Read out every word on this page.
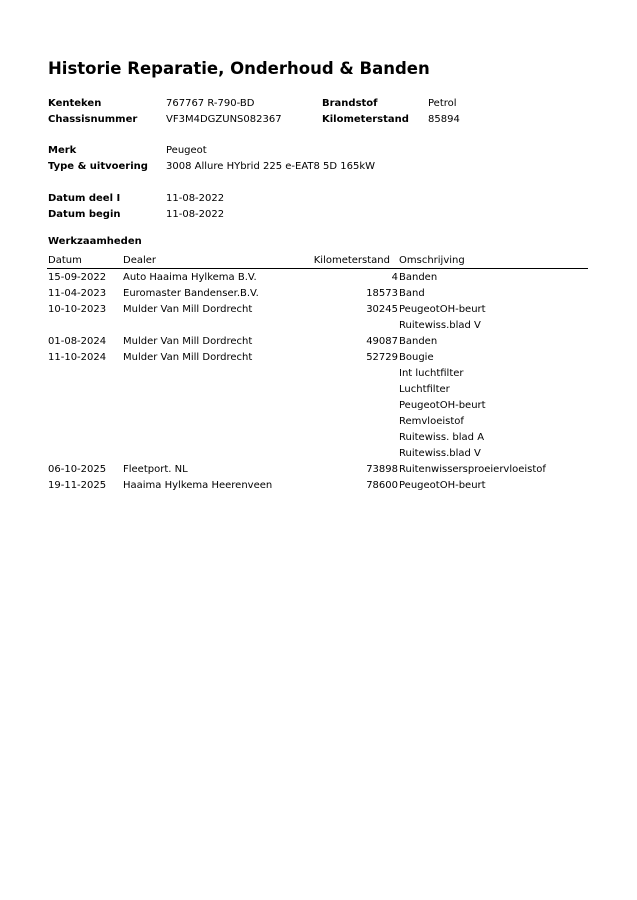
Historie Reparatie, Onderhoud & Banden
Kenteken	767767 R-790-BD	Brandstof	Petrol
Chassisnummer	VF3M4DGZUNS082367	Kilometerstand 85894
Merk	Peugeot
Type & uitvoering 3008 Allure HYbrid 225 e-EAT8 5D 165kW
Datum deel I	11-08-2022
Datum begin	11-08-2022
Werkzaamheden
Datum	Dealer	Kilometerstand	Omschrijving
15-09-2022	Auto Haaima Hylkema B.V.	4	Banden
11-04-2023	Euromaster Bandenser.B.V.	18573	Band
10-10-2023	Mulder Van Mill Dordrecht	30245	PeugeotOH-beurt
			Ruitewiss.blad V
01-08-2024	Mulder Van Mill Dordrecht	49087	Banden
11-10-2024	Mulder Van Mill Dordrecht	52729	Bougie
			Int luchtfilter
			Luchtfilter
			PeugeotOH-beurt
			Remvloeistof
			Ruitewiss. blad A
			Ruitewiss.blad V
06-10-2025	Fleetport. NL	73898	Ruitenwissersproeiervloeistof
19-11-2025	Haaima Hylkema Heerenveen	78600	PeugeotOH-beurt
